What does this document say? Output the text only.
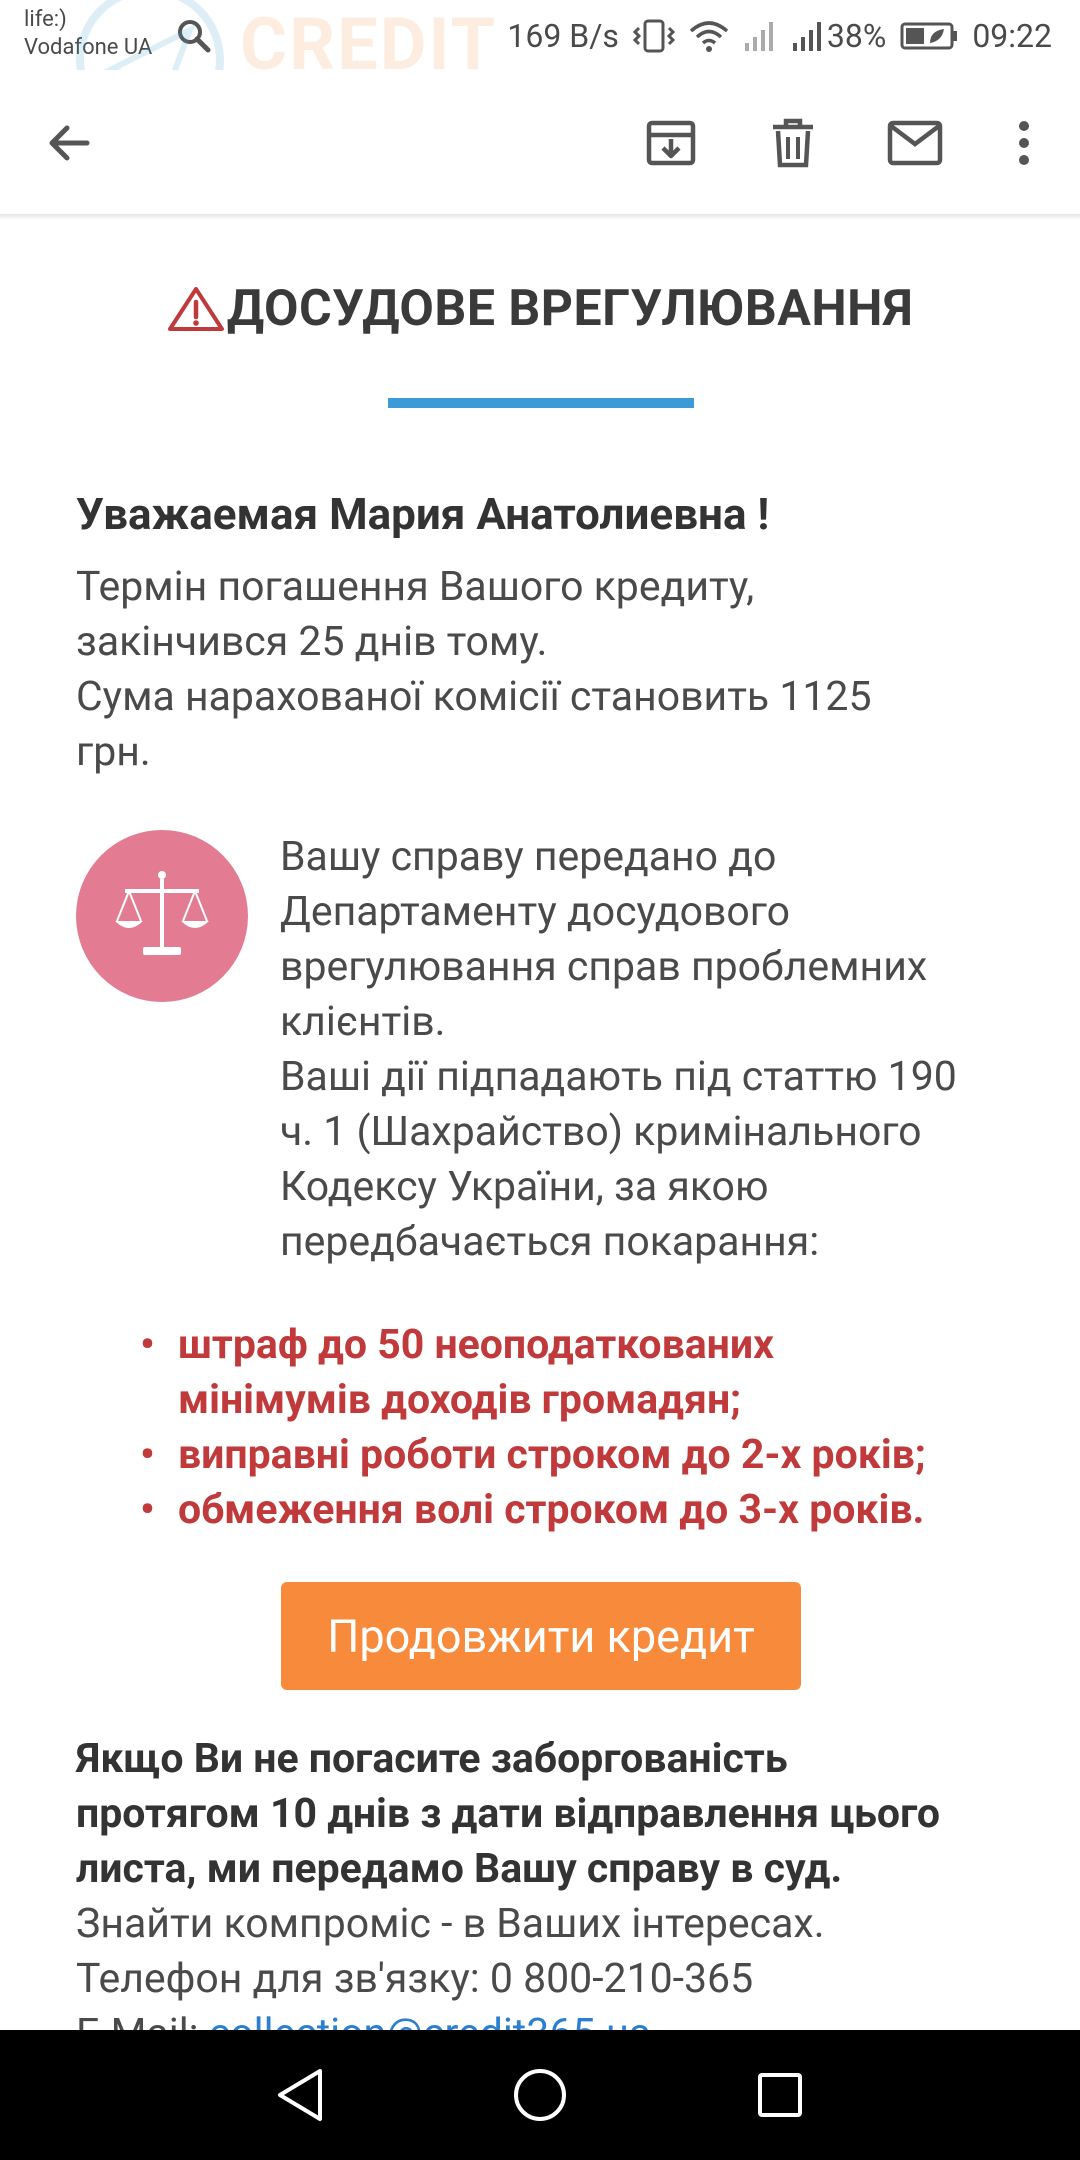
life:)
Vodafone UA	169 B/s	38%	09:22
ДОСУДОВЕ ВРЕГУЛЮВАННЯ
Уважаемая Мария Анатолиевна !
Термін погашення Вашого кредиту,
закінчився 25 днів тому.
Сума нарахованої комісії становить 1125
грн.
Вашу справу передано до
Департаменту досудового
врегулювання справ проблемних
клієнтів.
Ваші дії підпадають під статтю 190
ч. 1 (Шахрайство) кримінального
Кодексу України, за якою
передбачається покарання:
• штраф до 50 неоподаткованих
мінімумів доходів громадян;
• виправні роботи строком до 2-х років;
• обмеження волі строком до 3-х років.
Продовжити кредит
Якщо Ви не погасите заборгованість
протягом 10 днів з дати відправлення цього
листа, ми передамо Вашу справу в суд.
Знайти компроміс - в Ваших інтересах.
Телефон для зв'язку: 0 800-210-365
